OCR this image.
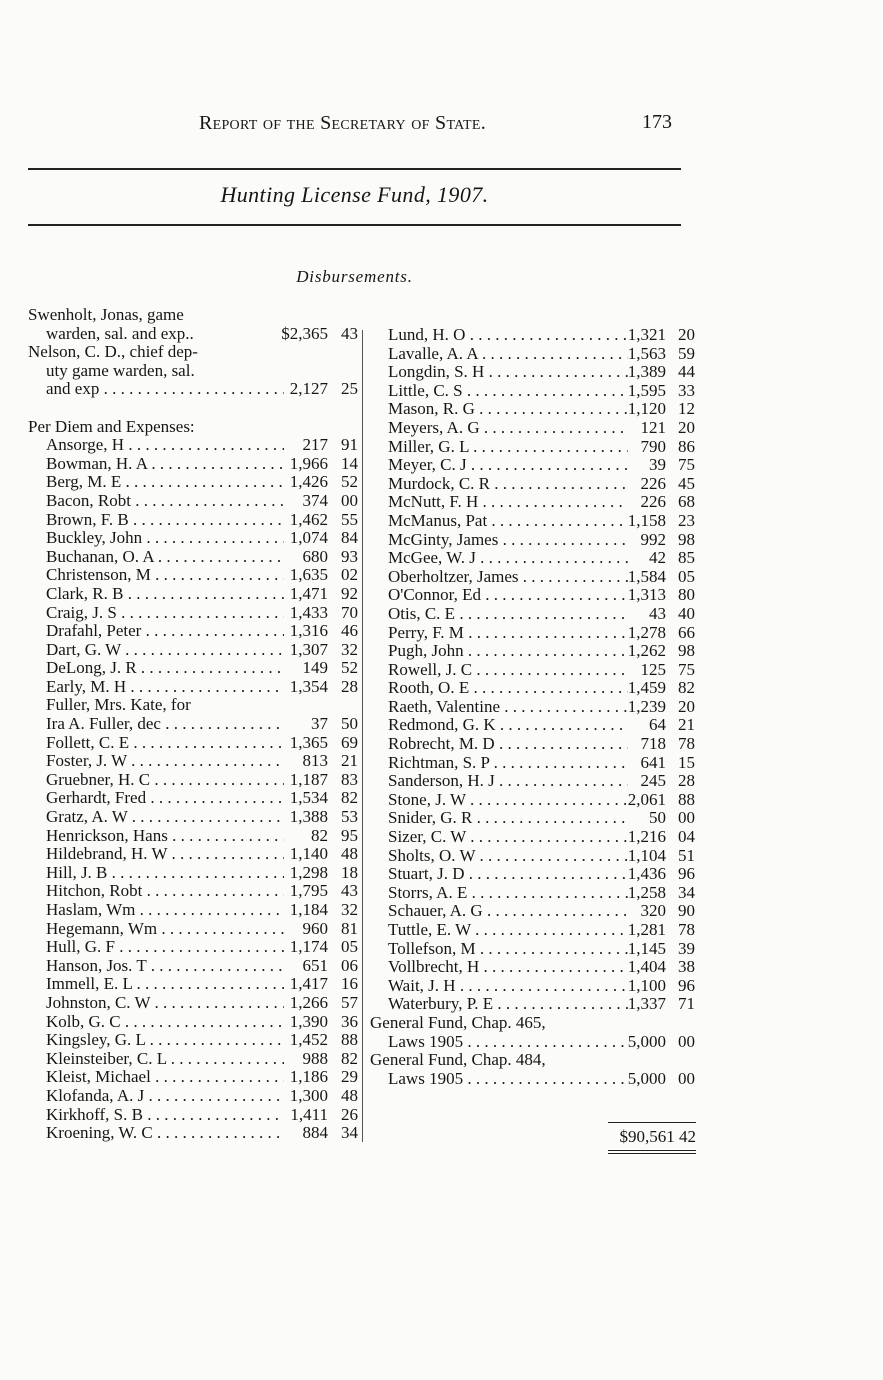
Report of the Secretary of State.	173
Hunting License Fund, 1907.
Disbursements.
Swenholt, Jonas, game
warden, sal. and exp..	$2,365 43
Nelson, C. D., chief dep-
uty game warden, sal.
and exp . . .	2,127 25
Per Diem and Expenses:
Ansorge, H . . .	217 91
Bowman, H. A . . .	1,966 14
Berg, M. E . . .	1,426 52
Bacon, Robt . . .	374 00
Brown, F. B . . .	1,462 55
Buckley, John . . .	1,074 84
Buchanan, O. A . . .	680 93
Christenson, M . . .	1,635 02
Clark, R. B . . .	1,471 92
Craig, J. S . . .	1,433 70
Drafahl, Peter . . .	1,316 46
Dart, G. W . . .	1,307 32
DeLong, J. R . . .	149 52
Early, M. H . . .	1,354 28
Fuller, Mrs. Kate, for
Ira A. Fuller, dec . . .	37 50
Follett, C. E . . .	1,365 69
Foster, J. W . . .	813 21
Gruebner, H. C . . .	1,187 83
Gerhardt, Fred . . .	1,534 82
Gratz, A. W . . .	1,388 53
Henrickson, Hans . . .	82 95
Hildebrand, H. W . . .	1,140 48
Hill, J. B . . .	1,298 18
Hitchon, Robt . . .	1,795 43
Haslam, Wm . . .	1,184 32
Hegemann, Wm . . .	960 81
Hull, G. F . . .	1,174 05
Hanson, Jos. T . . .	651 06
Immell, E. L . . .	1,417 16
Johnston, C. W . . .	1,266 57
Kolb, G. C . . .	1,390 36
Kingsley, G. L . . .	1,452 88
Kleinsteiber, C. L . . .	988 82
Kleist, Michael . . .	1,186 29
Klofanda, A. J . . .	1,300 48
Kirkhoff, S. B . . .	1,411 26
Kroening, W. C . . .	884 34
Lund, H. O . . .	1,321 20
Lavalle, A. A . . .	1,563 59
Longdin, S. H . . .	1,389 44
Little, C. S . . .	1,595 33
Mason, R. G . . .	1,120 12
Meyers, A. G . . .	121 20
Miller, G. L . . .	790 86
Meyer, C. J . . .	39 75
Murdock, C. R . . .	226 45
McNutt, F. H . . .	226 68
McManus, Pat . . .	1,158 23
McGinty, James . . .	992 98
McGee, W. J . . .	42 85
Oberholtzer, James . . .	1,584 05
O'Connor, Ed . . .	1,313 80
Otis, C. E . . .	43 40
Perry, F. M . . .	1,278 66
Pugh, John . . .	1,262 98
Rowell, J. C . . .	125 75
Rooth, O. E . . .	1,459 82
Raeth, Valentine . . .	1,239 20
Redmond, G. K . . .	64 21
Robrecht, M. D . . .	718 78
Richtman, S. P . . .	641 15
Sanderson, H. J . . .	245 28
Stone, J. W . . .	2,061 88
Snider, G. R . . .	50 00
Sizer, C. W . . .	1,216 04
Sholts, O. W . . .	1,104 51
Stuart, J. D . . .	1,436 96
Storrs, A. E . . .	1,258 34
Schauer, A. G . . .	320 90
Tuttle, E. W . . .	1,281 78
Tollefson, M . . .	1,145 39
Vollbrecht, H . . .	1,404 38
Wait, J. H . . .	1,100 96
Waterbury, P. E . . .	1,337 71
General Fund, Chap. 465,
Laws 1905 . . .	5,000 00
General Fund, Chap. 484,
Laws 1905 . . .	5,000 00
$90,561 42
